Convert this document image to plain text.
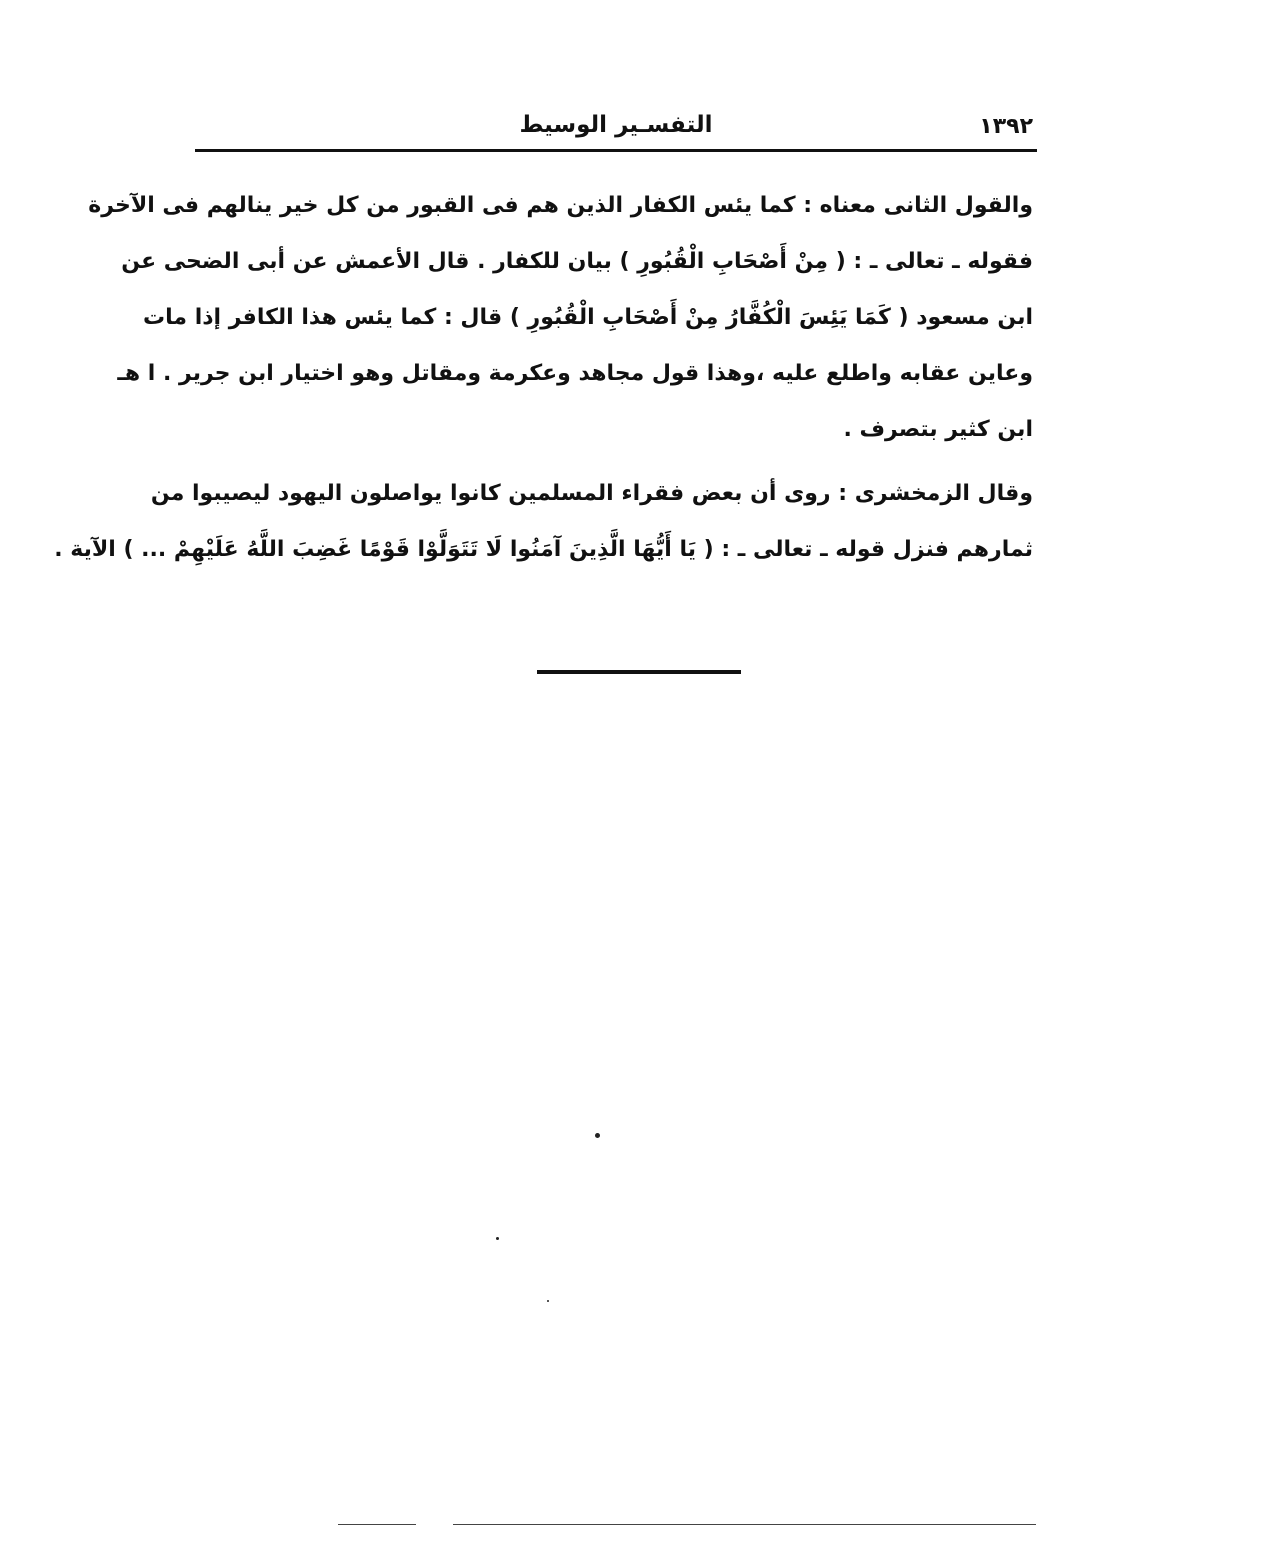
١٣٩٢
التفسـير الوسيط
والقول الثانى معناه : كما يئس الكفار الذين هم فى القبور من كل خير ينالهم فى الآخرة
فقوله ـ تعالى ـ : ( مِنْ أَصْحَابِ الْقُبُورِ ) بيان للكفار . قال الأعمش عن أبى الضحى عن
ابن مسعود ( كَمَا يَئِسَ الْكُفَّارُ مِنْ أَصْحَابِ الْقُبُورِ ) قال : كما يئس هذا الكافر إذا مات
وعاين عقابه واطلع عليه ،وهذا قول مجاهد وعكرمة ومقاتل وهو اختيار ابن جرير . ا هـ
ابن كثير بتصرف .
وقال الزمخشرى : روى أن بعض فقراء المسلمين كانوا يواصلون اليهود ليصيبوا من
ثمارهم فنزل قوله ـ تعالى ـ : ( يَا أَيُّهَا الَّذِينَ آمَنُوا لَا تَتَوَلَّوْا قَوْمًا غَضِبَ اللَّهُ عَلَيْهِمْ ... ) الآية .
